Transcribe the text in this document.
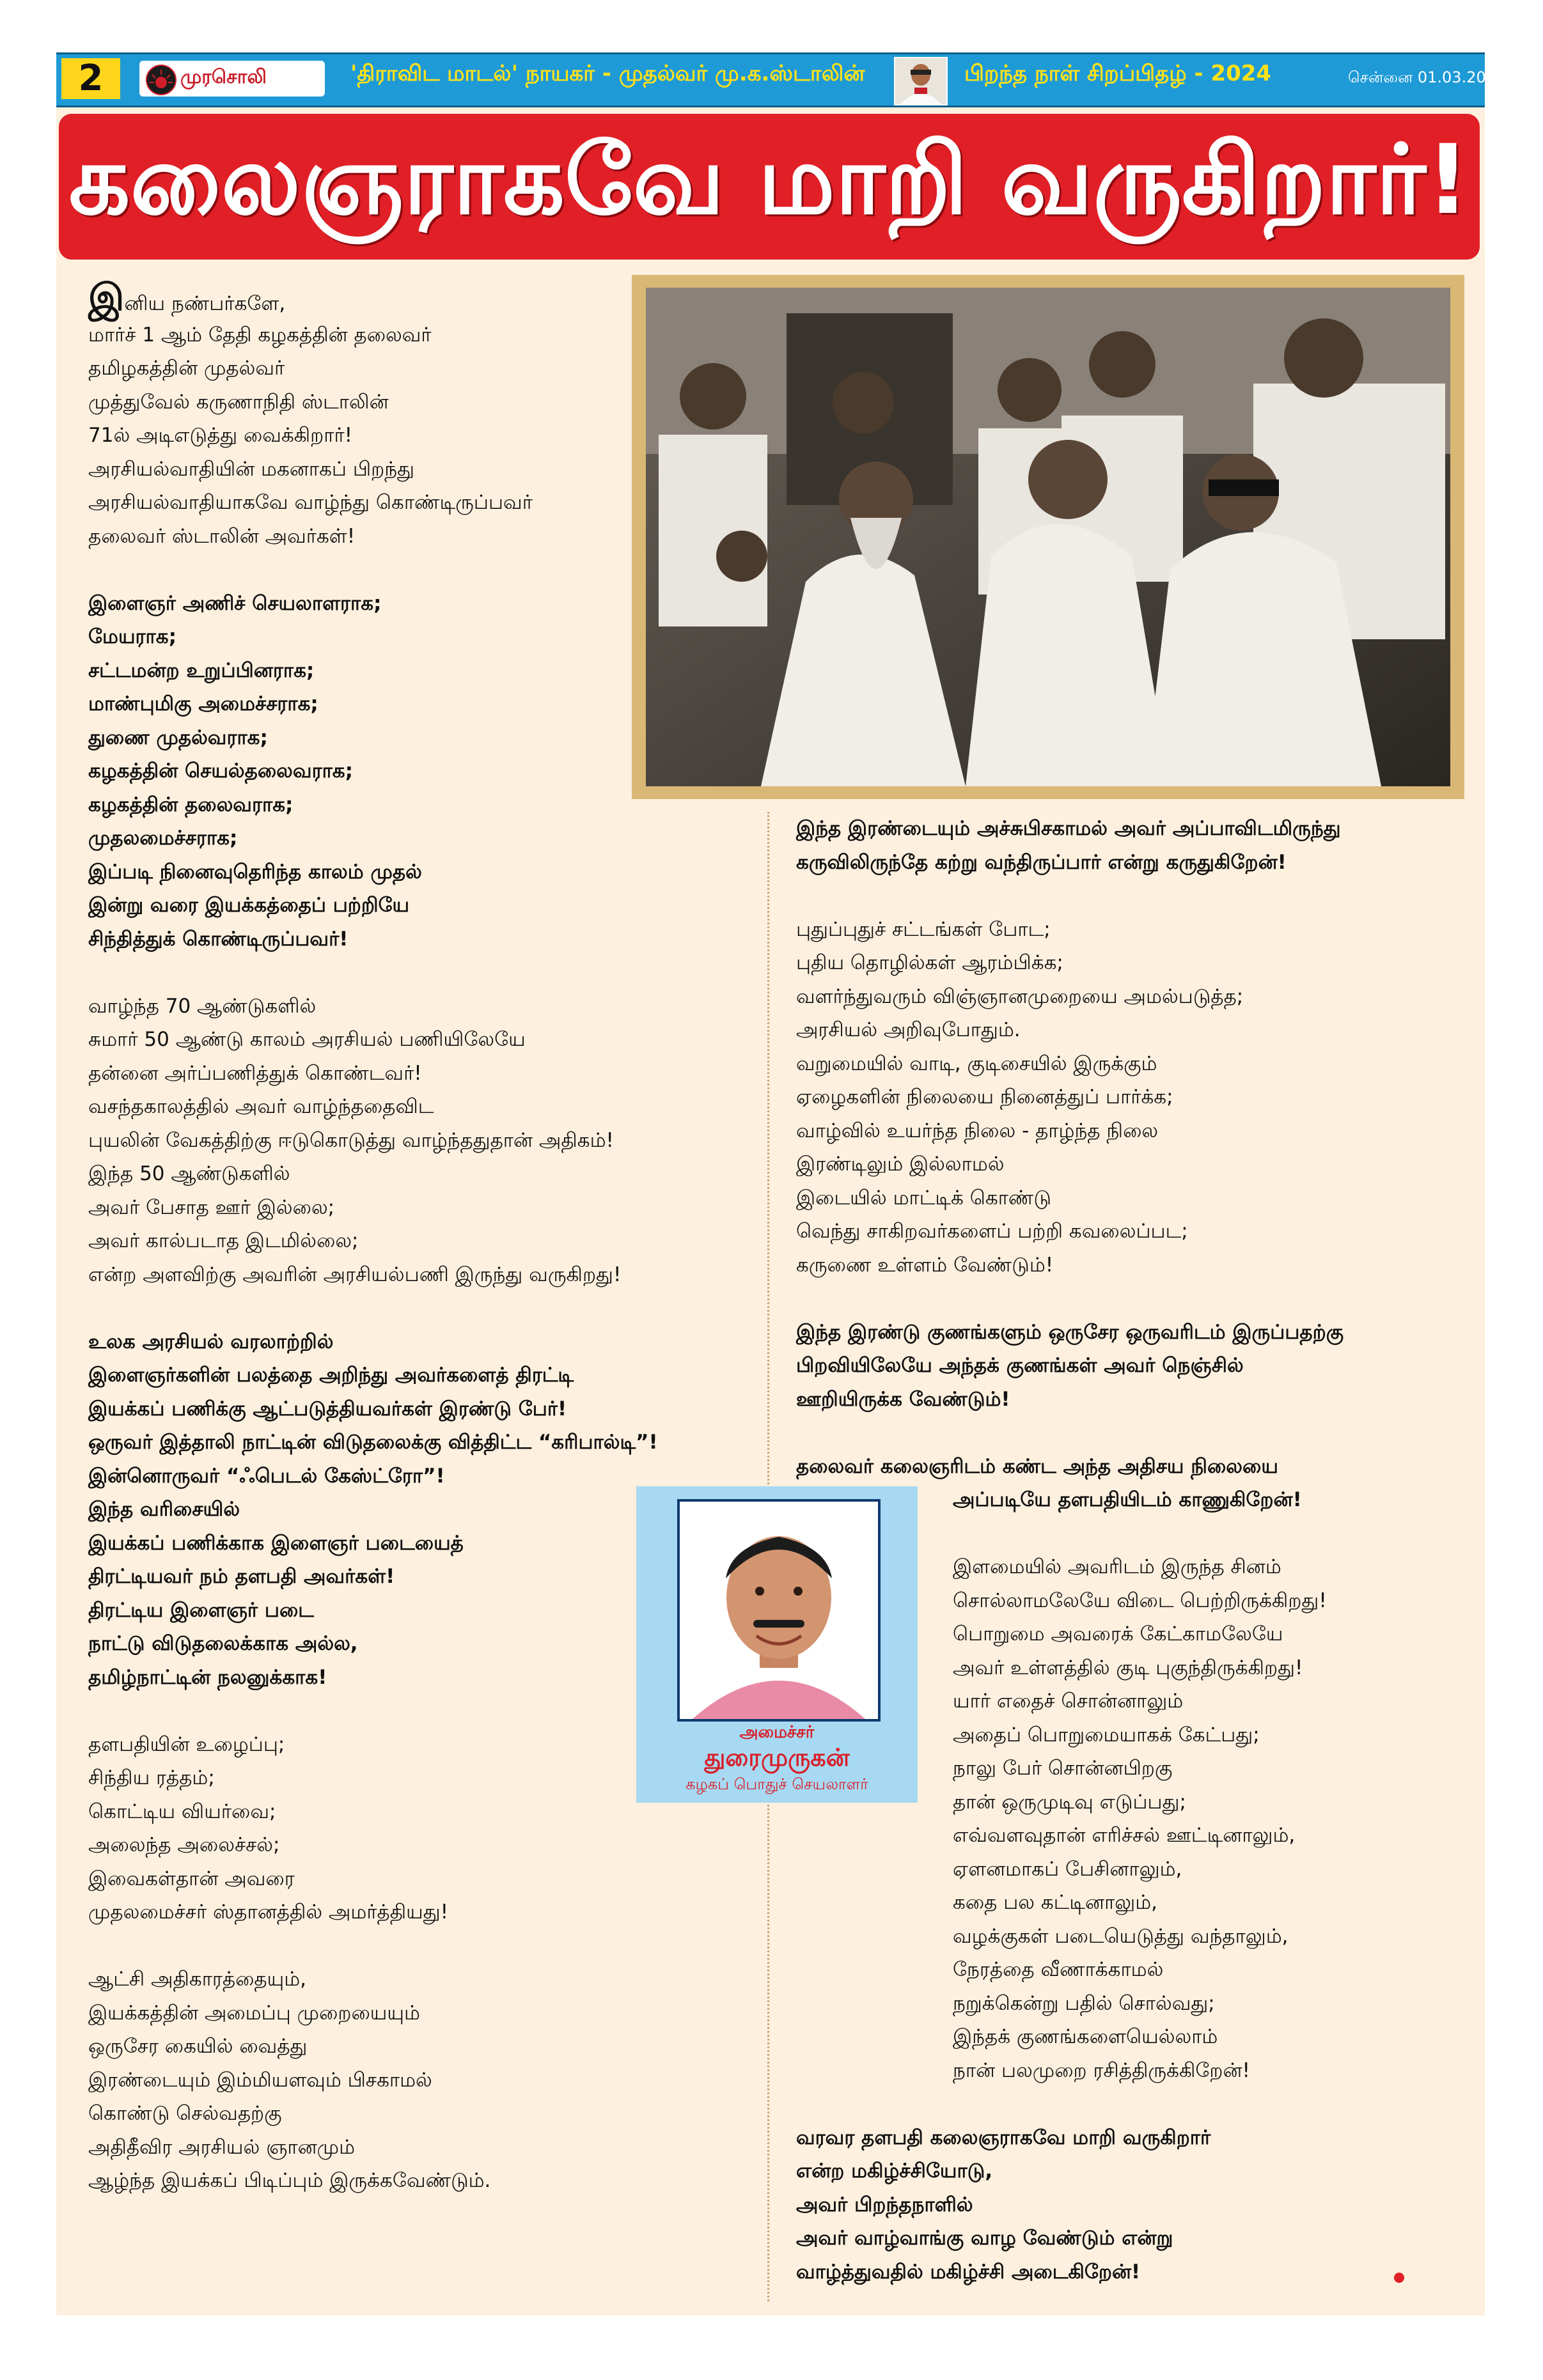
2	முரசொலி	'திராவிட மாடல்' நாயகர் - முதல்வர் மு.க.ஸ்டாலின்	பிறந்த நாள் சிறப்பிதழ் - 2024	சென்னை 01.03.2024
கலைஞராகவே மாறி வருகிறார்!
இனிய நண்பர்களே,
மார்ச் 1 ஆம் தேதி கழகத்தின் தலைவர்
தமிழகத்தின் முதல்வர்
முத்துவேல் கருணாநிதி ஸ்டாலின்
71ல் அடிஎடுத்து வைக்கிறார்!
அரசியல்வாதியின் மகனாகப் பிறந்து
அரசியல்வாதியாகவே வாழ்ந்து கொண்டிருப்பவர்
தலைவர் ஸ்டாலின் அவர்கள்!
இளைஞர் அணிச் செயலாளராக;
மேயராக;
சட்டமன்ற உறுப்பினராக;
மாண்புமிகு அமைச்சராக;
துணை முதல்வராக;
கழகத்தின் செயல்தலைவராக;
கழகத்தின் தலைவராக;
முதலமைச்சராக;
இப்படி நினைவுதெரிந்த காலம் முதல்
இன்று வரை இயக்கத்தைப் பற்றியே
சிந்தித்துக் கொண்டிருப்பவர்!
வாழ்ந்த 70 ஆண்டுகளில்
சுமார் 50 ஆண்டு காலம் அரசியல் பணியிலேயே
தன்னை அர்ப்பணித்துக் கொண்டவர்!
வசந்தகாலத்தில் அவர் வாழ்ந்ததைவிட
புயலின் வேகத்திற்கு ஈடுகொடுத்து வாழ்ந்ததுதான் அதிகம்!
இந்த 50 ஆண்டுகளில்
அவர் பேசாத ஊர் இல்லை;
அவர் கால்படாத இடமில்லை;
என்ற அளவிற்கு அவரின் அரசியல்பணி இருந்து வருகிறது!
உலக அரசியல் வரலாற்றில்
இளைஞர்களின் பலத்தை அறிந்து அவர்களைத் திரட்டி
இயக்கப் பணிக்கு ஆட்படுத்தியவர்கள் இரண்டு பேர்!
ஒருவர் இத்தாலி நாட்டின் விடுதலைக்கு வித்திட்ட “கரிபால்டி”!
இன்னொருவர் “ஃபெடல் கேஸ்ட்ரோ”!
இந்த வரிசையில்
இயக்கப் பணிக்காக இளைஞர் படையைத்
திரட்டியவர் நம் தளபதி அவர்கள்!
திரட்டிய இளைஞர் படை
நாட்டு விடுதலைக்காக அல்ல,
தமிழ்நாட்டின் நலனுக்காக!
தளபதியின் உழைப்பு;
சிந்திய ரத்தம்;
கொட்டிய வியர்வை;
அலைந்த அலைச்சல்;
இவைகள்தான் அவரை
முதலமைச்சர் ஸ்தானத்தில் அமர்த்தியது!
ஆட்சி அதிகாரத்தையும்,
இயக்கத்தின் அமைப்பு முறையையும்
ஒருசேர கையில் வைத்து
இரண்டையும் இம்மியளவும் பிசகாமல்
கொண்டு செல்வதற்கு
அதிதீவிர அரசியல் ஞானமும்
ஆழ்ந்த இயக்கப் பிடிப்பும் இருக்கவேண்டும்.
இந்த இரண்டையும் அச்சுபிசகாமல் அவர் அப்பாவிடமிருந்து
கருவிலிருந்தே கற்று வந்திருப்பார் என்று கருதுகிறேன்!
புதுப்புதுச் சட்டங்கள் போட;
புதிய தொழில்கள் ஆரம்பிக்க;
வளர்ந்துவரும் விஞ்ஞானமுறையை அமல்படுத்த;
அரசியல் அறிவுபோதும்.
வறுமையில் வாடி, குடிசையில் இருக்கும்
ஏழைகளின் நிலையை நினைத்துப் பார்க்க;
வாழ்வில் உயர்ந்த நிலை - தாழ்ந்த நிலை
இரண்டிலும் இல்லாமல்
இடையில் மாட்டிக் கொண்டு
வெந்து சாகிறவர்களைப் பற்றி கவலைப்பட;
கருணை உள்ளம் வேண்டும்!
இந்த இரண்டு குணங்களும் ஒருசேர ஒருவரிடம் இருப்பதற்கு
பிறவியிலேயே அந்தக் குணங்கள் அவர் நெஞ்சில்
ஊறியிருக்க வேண்டும்!
தலைவர் கலைஞரிடம் கண்ட அந்த அதிசய நிலையை
அப்படியே தளபதியிடம் காணுகிறேன்!
இளமையில் அவரிடம் இருந்த சினம்
சொல்லாமலேயே விடை பெற்றிருக்கிறது!
பொறுமை அவரைக் கேட்காமலேயே
அவர் உள்ளத்தில் குடி புகுந்திருக்கிறது!
யார் எதைச் சொன்னாலும்
அதைப் பொறுமையாகக் கேட்பது;
நாலு பேர் சொன்னபிறகு
தான் ஒருமுடிவு எடுப்பது;
எவ்வளவுதான் எரிச்சல் ஊட்டினாலும்,
ஏளனமாகப் பேசினாலும்,
கதை பல கட்டினாலும்,
வழக்குகள் படையெடுத்து வந்தாலும்,
நேரத்தை வீணாக்காமல்
நறுக்கென்று பதில் சொல்வது;
இந்தக் குணங்களையெல்லாம்
நான் பலமுறை ரசித்திருக்கிறேன்!
வரவர தளபதி கலைஞராகவே மாறி வருகிறார்
என்ற மகிழ்ச்சியோடு,
அவர் பிறந்தநாளில்
அவர் வாழ்வாங்கு வாழ வேண்டும் என்று
வாழ்த்துவதில் மகிழ்ச்சி அடைகிறேன்!
அமைச்சர்
துரைமுருகன்
கழகப் பொதுச் செயலாளர்
